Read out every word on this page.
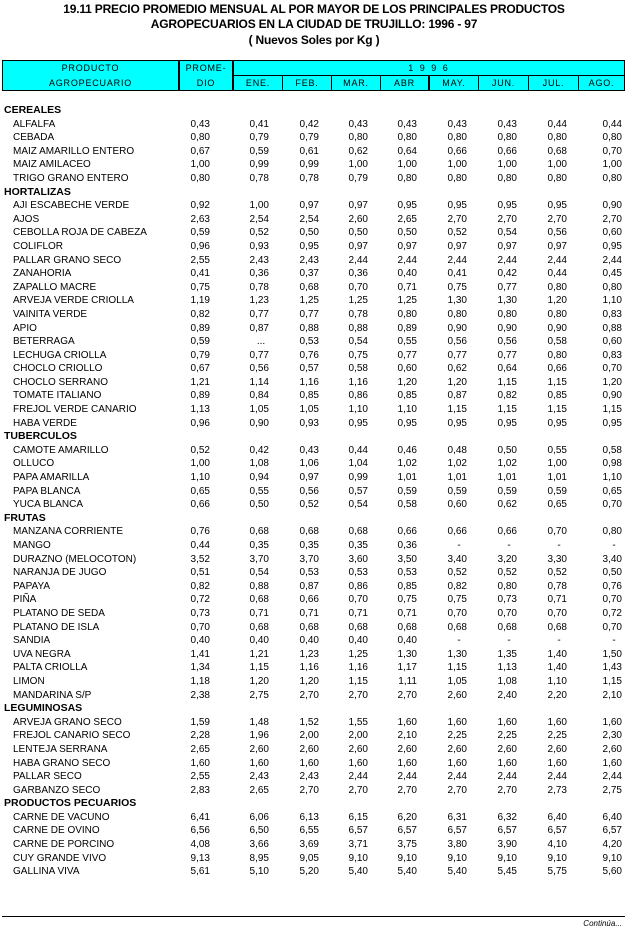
19.11 PRECIO PROMEDIO MENSUAL AL POR MAYOR DE LOS PRINCIPALES PRODUCTOS
AGROPECUARIOS EN LA CIUDAD DE TRUJILLO: 1996 - 97
( Nuevos Soles por Kg )
PRODUCTO
AGROPECUARIO
PROME-
DIO
1 9 9 6
ENE.	FEB.	MAR.	ABR	MAY.	JUN.	JUL.	AGO.
CEREALES
ALFALFA	0,43	0,41	0,42	0,43	0,43	0,43	0,43	0,44	0,44
CEBADA	0,80	0,79	0,79	0,80	0,80	0,80	0,80	0,80	0,80
MAIZ AMARILLO ENTERO	0,67	0,59	0,61	0,62	0,64	0,66	0,66	0,68	0,70
MAIZ AMILACEO	1,00	0,99	0,99	1,00	1,00	1,00	1,00	1,00	1,00
TRIGO GRANO ENTERO	0,80	0,78	0,78	0,79	0,80	0,80	0,80	0,80	0,80
HORTALIZAS
AJI ESCABECHE VERDE	0,92	1,00	0,97	0,97	0,95	0,95	0,95	0,95	0,90
AJOS	2,63	2,54	2,54	2,60	2,65	2,70	2,70	2,70	2,70
CEBOLLA ROJA DE CABEZA	0,59	0,52	0,50	0,50	0,50	0,52	0,54	0,56	0,60
COLIFLOR	0,96	0,93	0,95	0,97	0,97	0,97	0,97	0,97	0,95
PALLAR GRANO SECO	2,55	2,43	2,43	2,44	2,44	2,44	2,44	2,44	2,44
ZANAHORIA	0,41	0,36	0,37	0,36	0,40	0,41	0,42	0,44	0,45
ZAPALLO MACRE	0,75	0,78	0,68	0,70	0,71	0,75	0,77	0,80	0,80
ARVEJA VERDE CRIOLLA	1,19	1,23	1,25	1,25	1,25	1,30	1,30	1,20	1,10
VAINITA VERDE	0,82	0,77	0,77	0,78	0,80	0,80	0,80	0,80	0,83
APIO	0,89	0,87	0,88	0,88	0,89	0,90	0,90	0,90	0,88
BETERRAGA	0,59	...	0,53	0,54	0,55	0,56	0,56	0,58	0,60
LECHUGA CRIOLLA	0,79	0,77	0,76	0,75	0,77	0,77	0,77	0,80	0,83
CHOCLO CRIOLLO	0,67	0,56	0,57	0,58	0,60	0,62	0,64	0,66	0,70
CHOCLO SERRANO	1,21	1,14	1,16	1,16	1,20	1,20	1,15	1,15	1,20
TOMATE ITALIANO	0,89	0,84	0,85	0,86	0,85	0,87	0,82	0,85	0,90
FREJOL VERDE CANARIO	1,13	1,05	1,05	1,10	1,10	1,15	1,15	1,15	1,15
HABA VERDE	0,96	0,90	0,93	0,95	0,95	0,95	0,95	0,95	0,95
TUBERCULOS
CAMOTE AMARILLO	0,52	0,42	0,43	0,44	0,46	0,48	0,50	0,55	0,58
OLLUCO	1,00	1,08	1,06	1,04	1,02	1,02	1,02	1,00	0,98
PAPA AMARILLA	1,10	0,94	0,97	0,99	1,01	1,01	1,01	1,01	1,10
PAPA BLANCA	0,65	0,55	0,56	0,57	0,59	0,59	0,59	0,59	0,65
YUCA BLANCA	0,66	0,50	0,52	0,54	0,58	0,60	0,62	0,65	0,70
FRUTAS
MANZANA CORRIENTE	0,76	0,68	0,68	0,68	0,66	0,66	0,66	0,70	0,80
MANGO	0,44	0,35	0,35	0,35	0,36	-	-	-	-
DURAZNO (MELOCOTON)	3,52	3,70	3,70	3,60	3,50	3,40	3,20	3,30	3,40
NARANJA DE JUGO	0,51	0,54	0,53	0,53	0,53	0,52	0,52	0,52	0,50
PAPAYA	0,82	0,88	0,87	0,86	0,85	0,82	0,80	0,78	0,76
PIÑA	0,72	0,68	0,66	0,70	0,75	0,75	0,73	0,71	0,70
PLATANO DE SEDA	0,73	0,71	0,71	0,71	0,71	0,70	0,70	0,70	0,72
PLATANO DE ISLA	0,70	0,68	0,68	0,68	0,68	0,68	0,68	0,68	0,70
SANDIA	0,40	0,40	0,40	0,40	0,40	-	-	-	-
UVA NEGRA	1,41	1,21	1,23	1,25	1,30	1,30	1,35	1,40	1,50
PALTA CRIOLLA	1,34	1,15	1,16	1,16	1,17	1,15	1,13	1,40	1,43
LIMON	1,18	1,20	1,20	1,15	1,11	1,05	1,08	1,10	1,15
MANDARINA S/P	2,38	2,75	2,70	2,70	2,70	2,60	2,40	2,20	2,10
LEGUMINOSAS
ARVEJA GRANO SECO	1,59	1,48	1,52	1,55	1,60	1,60	1,60	1,60	1,60
FREJOL CANARIO SECO	2,28	1,96	2,00	2,00	2,10	2,25	2,25	2,25	2,30
LENTEJA SERRANA	2,65	2,60	2,60	2,60	2,60	2,60	2,60	2,60	2,60
HABA GRANO SECO	1,60	1,60	1,60	1,60	1,60	1,60	1,60	1,60	1,60
PALLAR SECO	2,55	2,43	2,43	2,44	2,44	2,44	2,44	2,44	2,44
GARBANZO SECO	2,83	2,65	2,70	2,70	2,70	2,70	2,70	2,73	2,75
PRODUCTOS PECUARIOS
CARNE DE VACUNO	6,41	6,06	6,13	6,15	6,20	6,31	6,32	6,40	6,40
CARNE DE OVINO	6,56	6,50	6,55	6,57	6,57	6,57	6,57	6,57	6,57
CARNE DE PORCINO	4,08	3,66	3,69	3,71	3,75	3,80	3,90	4,10	4,20
CUY GRANDE VIVO	9,13	8,95	9,05	9,10	9,10	9,10	9,10	9,10	9,10
GALLINA VIVA	5,61	5,10	5,20	5,40	5,40	5,40	5,45	5,75	5,60
Continúa...
